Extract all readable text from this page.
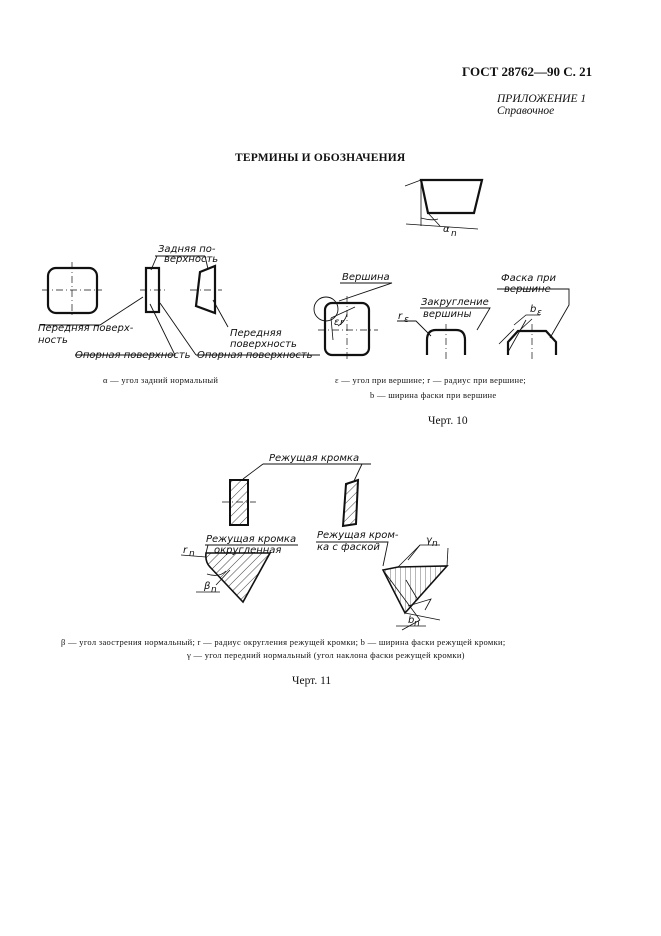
ГОСТ 28762—90 С. 21
ПРИЛОЖЕНИЕ 1
Справочное
ТЕРМИНЫ И ОБОЗНАЧЕНИЯ
Задняя по-
верхность
Передняя поверх-
ность
Опорная поверхность
Передняя
поверхность
Опорная поверхность
α n
Вершина
ε r
Закругление
вершины
r ε
Фаска при
вершине
b ε
α — угол задний нормальный	ε — угол при вершине; r — радиус при вершине;
b — ширина фаски при вершине
Черт. 10
Режущая кромка
Режущая кромка
округленная
r n
β n
Режущая кром-
ка с фаской
γ n
b n
β — угол заострения нормальный; r — радиус округления режущей кромки; b — ширина фаски режущей кромки;
γ — угол передний нормальный (угол наклона фаски режущей кромки)
Черт. 11
